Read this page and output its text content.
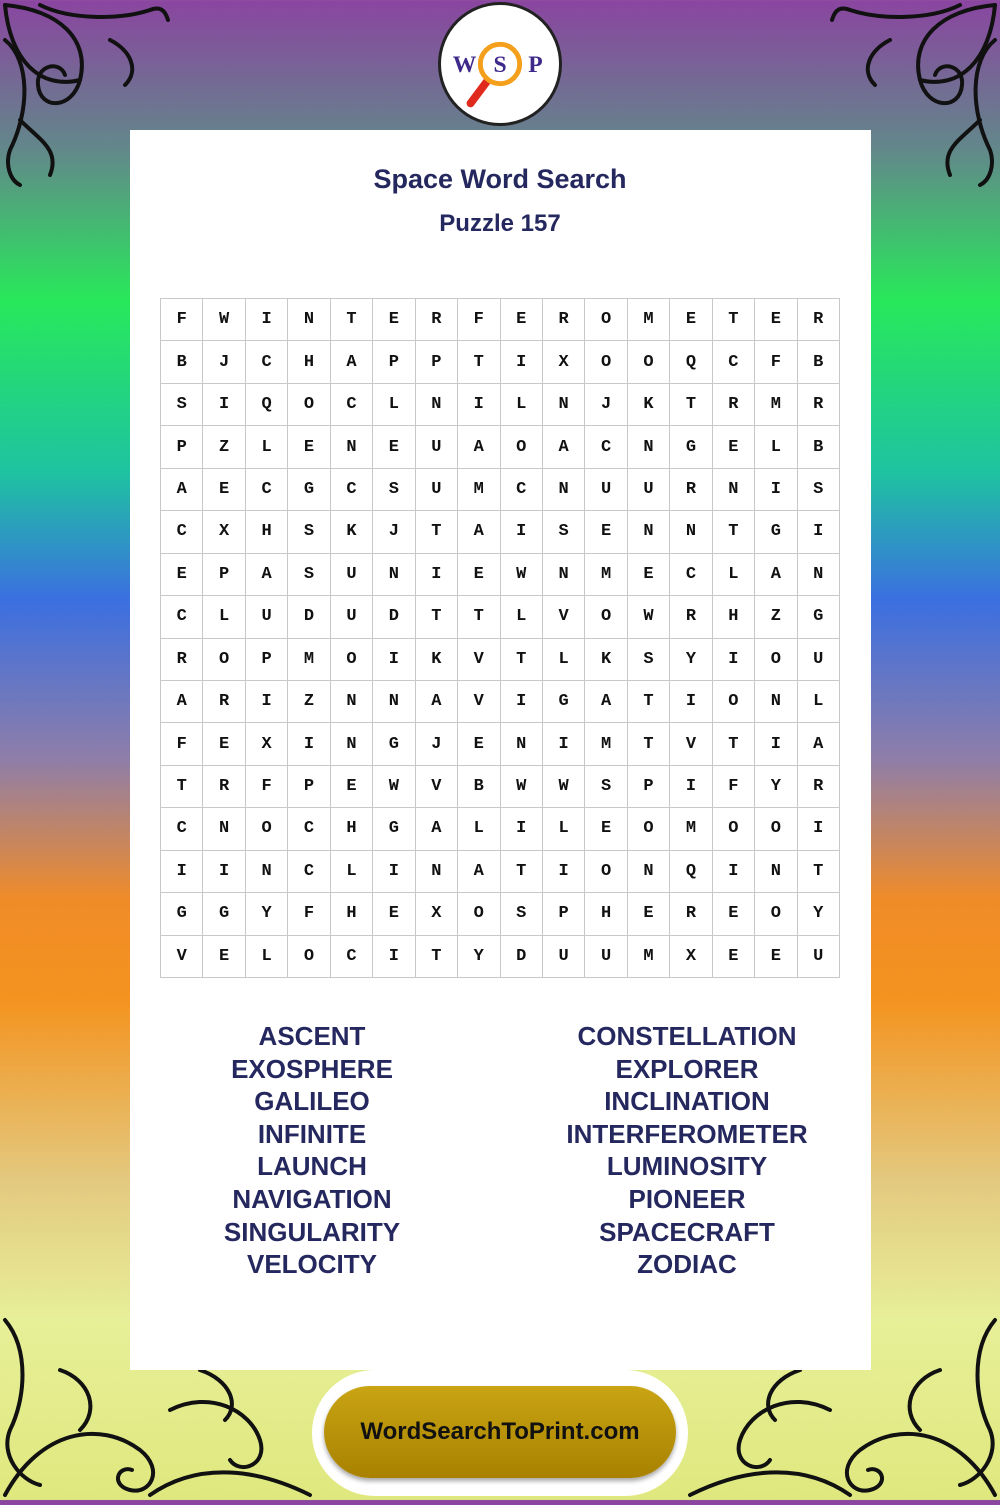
W S P
Space Word Search
Puzzle 157
F	W	I	N	T	E	R	F	E	R	O	M	E	T	E	R
B	J	C	H	A	P	P	T	I	X	O	O	Q	C	F	B
S	I	Q	O	C	L	N	I	L	N	J	K	T	R	M	R
P	Z	L	E	N	E	U	A	O	A	C	N	G	E	L	B
A	E	C	G	C	S	U	M	C	N	U	U	R	N	I	S
C	X	H	S	K	J	T	A	I	S	E	N	N	T	G	I
E	P	A	S	U	N	I	E	W	N	M	E	C	L	A	N
C	L	U	D	U	D	T	T	L	V	O	W	R	H	Z	G
R	O	P	M	O	I	K	V	T	L	K	S	Y	I	O	U
A	R	I	Z	N	N	A	V	I	G	A	T	I	O	N	L
F	E	X	I	N	G	J	E	N	I	M	T	V	T	I	A
T	R	F	P	E	W	V	B	W	W	S	P	I	F	Y	R
C	N	O	C	H	G	A	L	I	L	E	O	M	O	O	I
I	I	N	C	L	I	N	A	T	I	O	N	Q	I	N	T
G	G	Y	F	H	E	X	O	S	P	H	E	R	E	O	Y
V	E	L	O	C	I	T	Y	D	U	U	M	X	E	E	U
ASCENT
EXOSPHERE
GALILEO
INFINITE
LAUNCH
NAVIGATION
SINGULARITY
VELOCITY
CONSTELLATION
EXPLORER
INCLINATION
INTERFEROMETER
LUMINOSITY
PIONEER
SPACECRAFT
ZODIAC
WordSearchToPrint.com
